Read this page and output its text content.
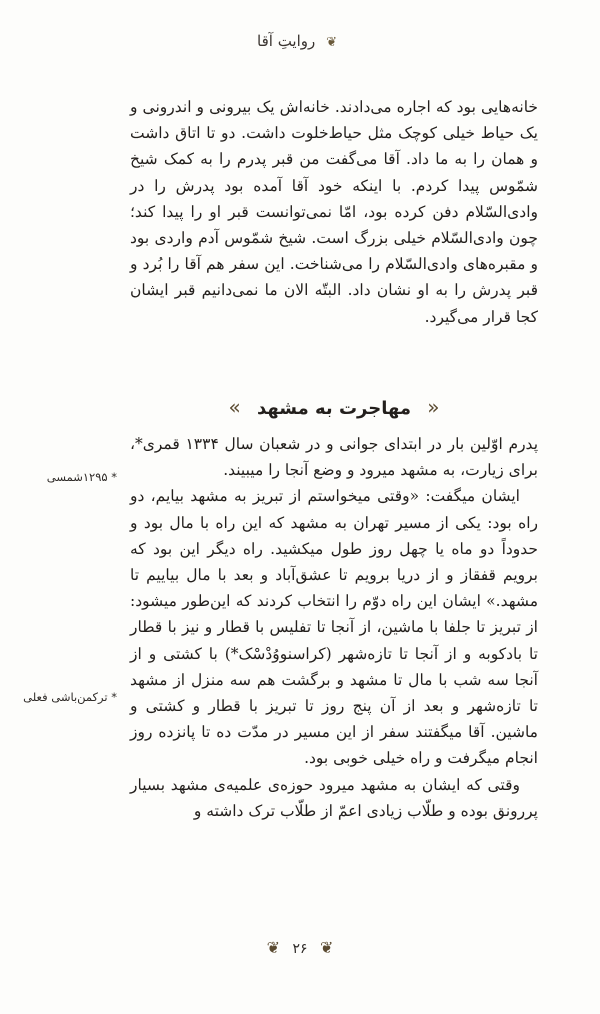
❦ روایتِ آقا

خانه‌هایی بود که اجاره می‌دادند. خانه‌اش یک بیرونی و اندرونی و یک حیاط خیلی کوچک مثل حیاط‌خلوت داشت. دو تا اتاق داشت و همان را به ما داد. آقا می‌گفت من قبر پدرم را به کمک شیخ شمّوس پیدا کردم. با اینکه خود آقا آمده بود پدرش را در وادی‌السّلام دفن کرده بود، امّا نمی‌توانست قبر او را پیدا کند؛ چون وادی‌السّلام خیلی بزرگ است. شیخ شمّوس آدم واردی بود و مقبره‌های وادی‌السّلام را می‌شناخت. این سفر هم آقا را بُرد و قبر پدرش را به او نشان داد. البتّه الان ما نمی‌دانیم قبر ایشان کجا قرار می‌گیرد.

« مهاجرت به مشهد »

پدرم اوّلین بار در ابتدای جوانی و در شعبان سال ۱۳۳۴ قمری*، برای زیارت، به مشهد میرود و وضع آنجا را میبیند.

ایشان میگفت: «وقتی میخواستم از تبریز به مشهد بیایم، دو راه بود: یکی از مسیر تهران به مشهد که این راه با مال بود و حدوداً دو ماه یا چهل روز طول میکشید. راه دیگر این بود که برویم قفقاز و از دریا برویم تا عشق‌آباد و بعد با مال بیاییم تا مشهد.» ایشان این راه دوّم را انتخاب کردند که این‌طور میشود: از تبریز تا جلفا با ماشین، از آنجا تا تفلیس با قطار و نیز با قطار تا بادکوبه و از آنجا تا تازه‌شهر (کراسنووُدْسْک*) با کشتی و از آنجا سه شب با مال تا مشهد و برگشت هم سه منزل از مشهد تا تازه‌شهر و بعد از آن پنج روز تا تبریز با قطار و کشتی و ماشین. آقا میگفتند سفر از این مسیر در مدّت ده تا پانزده روز انجام میگرفت و راه خیلی خوبی بود.

وقتی که ایشان به مشهد میرود حوزه‌ی علمیه‌ی مشهد بسیار پررونق بوده و طلّاب زیادی اعمّ از طلّاب ترک داشته و

* ۱۲۹۵شمسی
* ترکمن‌باشی فعلی
❦ ۲۶ ❦
